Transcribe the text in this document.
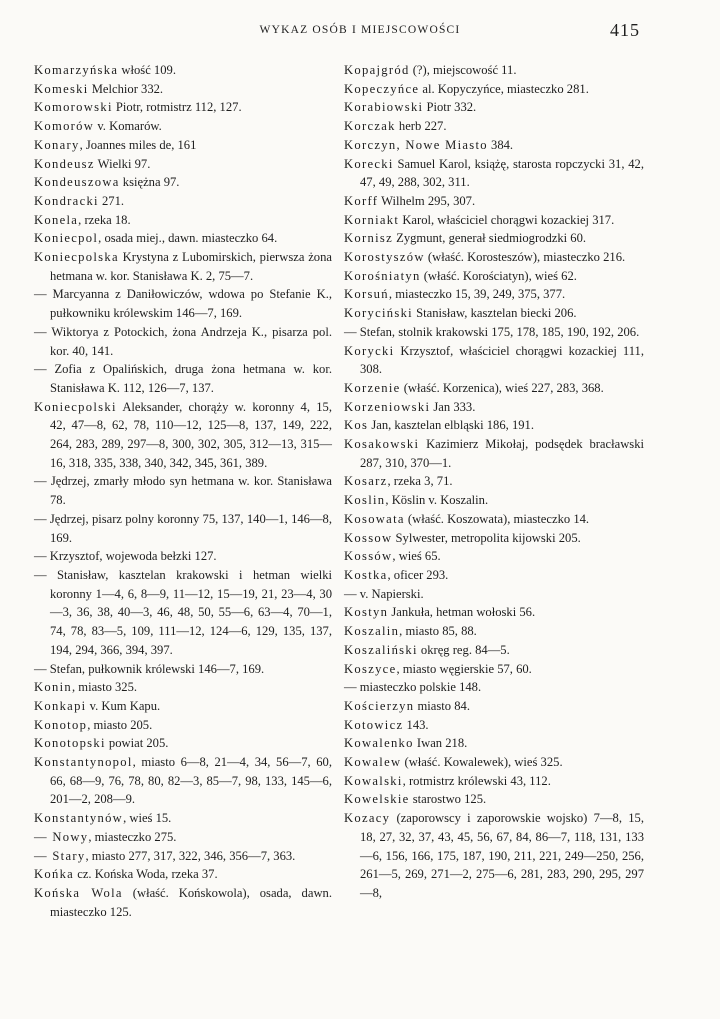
WYKAZ OSÓB I MIEJSCOWOŚCI	415
Komarzyńska włość 109.
Komeski Melchior 332.
Komorowski Piotr, rotmistrz 112, 127.
Komorów v. Komarów.
Konary, Joannes miles de, 161
Kondeusz Wielki 97.
Kondeuszowa księżna 97.
Kondracki 271.
Konela, rzeka 18.
Koniecpol, osada miej., dawn. miasteczko 64.
Koniecpolska Krystyna z Lubomirskich, pierwsza żona hetmana w. kor. Stanisława K. 2, 75—7.
— Marcyanna z Daniłowiczów, wdowa po Stefanie K., pułkowniku królewskim 146—7, 169.
— Wiktorya z Potockich, żona Andrzeja K., pisarza pol. kor. 40, 141.
— Zofia z Opalińskich, druga żona hetmana w. kor. Stanisława K. 112, 126—7, 137.
Koniecpolski Aleksander, chorąży w. koronny 4, 15, 42, 47—8, 62, 78, 110—12, 125—8, 137, 149, 222, 264, 283, 289, 297—8, 300, 302, 305, 312—13, 315—16, 318, 335, 338, 340, 342, 345, 361, 389.
— Jędrzej, zmarły młodo syn hetmana w. kor. Stanisława 78.
— Jędrzej, pisarz polny koronny 75, 137, 140—1, 146—8, 169.
— Krzysztof, wojewoda bełzki 127.
— Stanisław, kasztelan krakowski i hetman wielki koronny 1—4, 6, 8—9, 11—12, 15—19, 21, 23—4, 30—3, 36, 38, 40—3, 46, 48, 50, 55—6, 63—4, 70—1, 74, 78, 83—5, 109, 111—12, 124—6, 129, 135, 137, 194, 294, 366, 394, 397.
— Stefan, pułkownik królewski 146—7, 169.
Konin, miasto 325.
Konkapi v. Kum Kapu.
Konotop, miasto 205.
Konotopski powiat 205.
Konstantynopol, miasto 6—8, 21—4, 34, 56—7, 60, 66, 68—9, 76, 78, 80, 82—3, 85—7, 98, 133, 145—6, 201—2, 208—9.
Konstantynów, wieś 15.
— Nowy, miasteczko 275.
— Stary, miasto 277, 317, 322, 346, 356—7, 363.
Końka cz. Końska Woda, rzeka 37.
Końska Wola (właść. Końskowola), osada, dawn. miasteczko 125.
Kopajgród (?), miejscowość 11.
Kopeczyńce al. Kopyczyńce, miasteczko 281.
Korabiowski Piotr 332.
Korczak herb 227.
Korczyn, Nowe Miasto 384.
Korecki Samuel Karol, książę, starosta ropczycki 31, 42, 47, 49, 288, 302, 311.
Korff Wilhelm 295, 307.
Korniakt Karol, właściciel chorągwi kozackiej 317.
Kornisz Zygmunt, generał siedmiogrodzki 60.
Korostyszów (właść. Korosteszów), miasteczko 216.
Korośniatyn (właść. Korościatyn), wieś 62.
Korsuń, miasteczko 15, 39, 249, 375, 377.
Koryciński Stanisław, kasztelan biecki 206.
— Stefan, stolnik krakowski 175, 178, 185, 190, 192, 206.
Korycki Krzysztof, właściciel chorągwi kozackiej 111, 308.
Korzenie (właść. Korzenica), wieś 227, 283, 368.
Korzeniowski Jan 333.
Kos Jan, kasztelan elbląski 186, 191.
Kosakowski Kazimierz Mikołaj, podsędek bracławski 287, 310, 370—1.
Kosarz, rzeka 3, 71.
Koslin, Köslin v. Koszalin.
Kosowata (właść. Koszowata), miasteczko 14.
Kossow Sylwester, metropolita kijowski 205.
Kossów, wieś 65.
Kostka, oficer 293.
— v. Napierski.
Kostyn Jankuła, hetman wołoski 56.
Koszalin, miasto 85, 88.
Koszaliński okręg reg. 84—5.
Koszyce, miasto węgierskie 57, 60.
— miasteczko polskie 148.
Kościerzyn miasto 84.
Kotowicz 143.
Kowalenko Iwan 218.
Kowalew (właść. Kowalewek), wieś 325.
Kowalski, rotmistrz królewski 43, 112.
Kowelskie starostwo 125.
Kozacy (zaporowscy i zaporowskie wojsko) 7—8, 15, 18, 27, 32, 37, 43, 45, 56, 67, 84, 86—7, 118, 131, 133—6, 156, 166, 175, 187, 190, 211, 221, 249—250, 256, 261—5, 269, 271—2, 275—6, 281, 283, 290, 295, 297—8,
